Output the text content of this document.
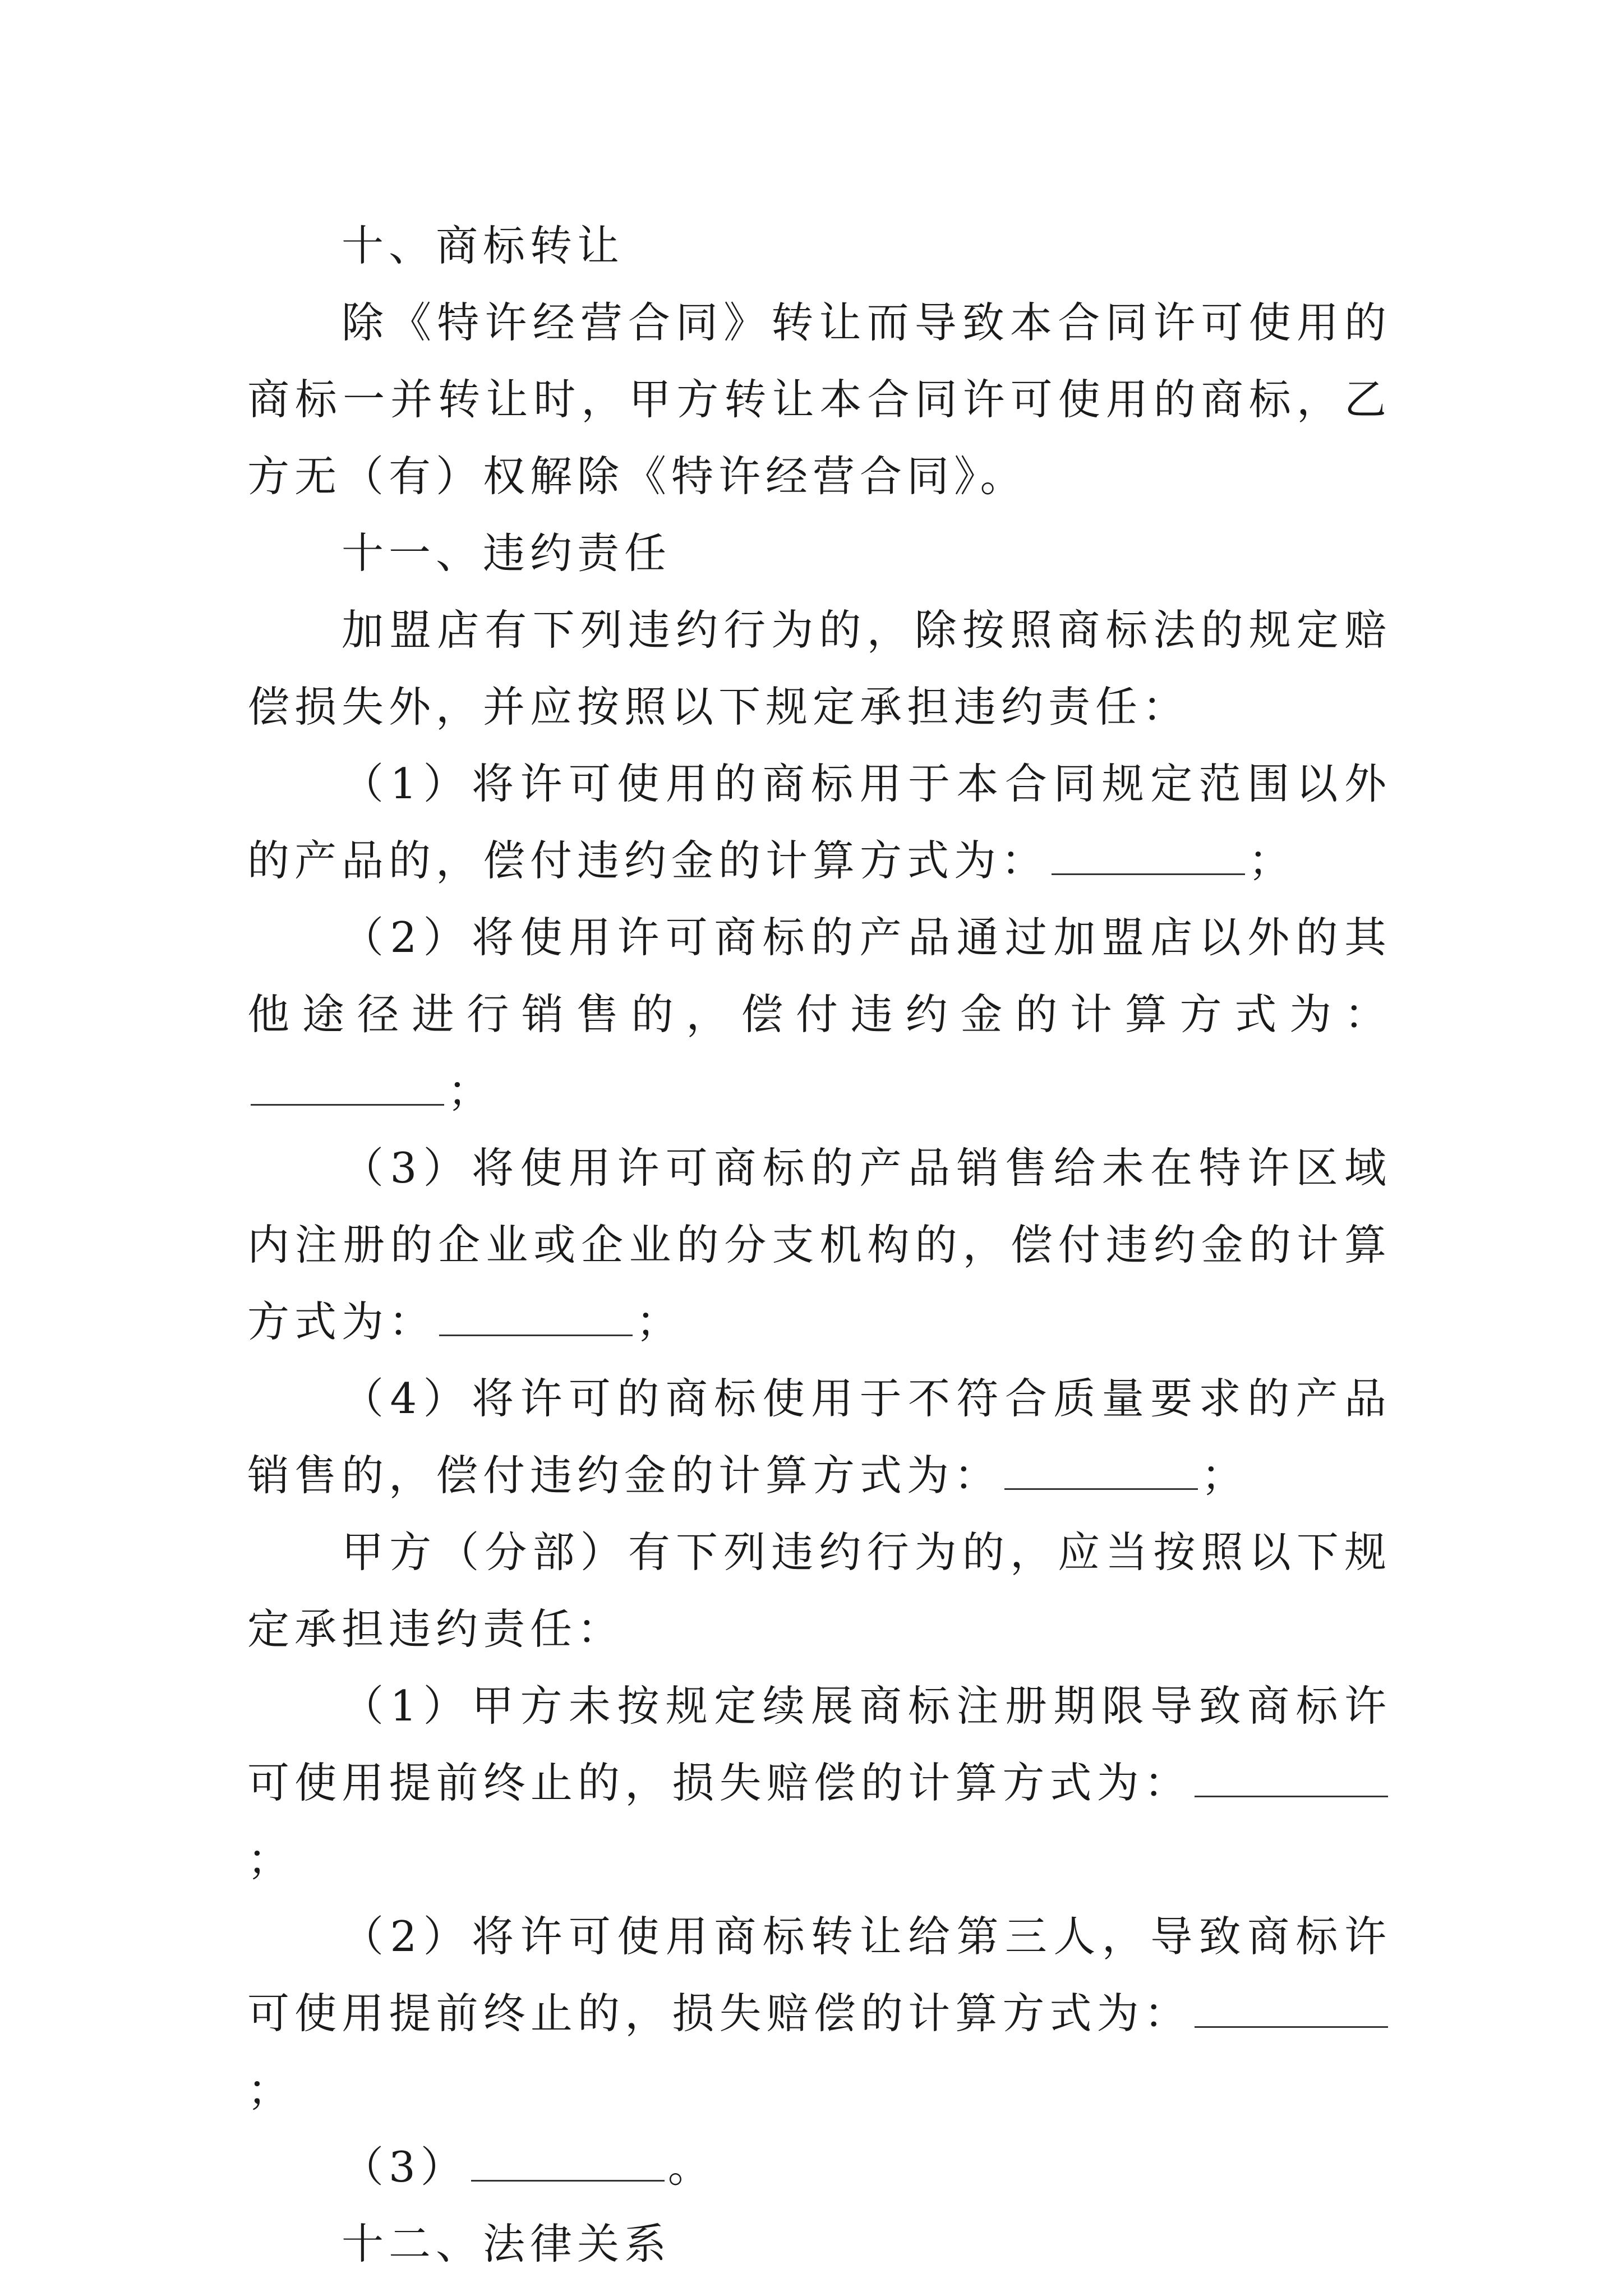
十、商标转让

除《特许经营合同》转让而导致本合同许可使用的商标一并转让时，甲方转让本合同许可使用的商标，乙方无（有）权解除《特许经营合同》。

十一、违约责任

加盟店有下列违约行为的，除按照商标法的规定赔偿损失外，并应按照以下规定承担违约责任：

（1）将许可使用的商标用于本合同规定范围以外的产品的，偿付违约金的计算方式为：	；

（2）将使用许可商标的产品通过加盟店以外的其他途径进行销售的，偿付违约金的计算方式为：；

（3）将使用许可商标的产品销售给未在特许区域内注册的企业或企业的分支机构的，偿付违约金的计算方式为：	；

（4）将许可的商标使用于不符合质量要求的产品销售的，偿付违约金的计算方式为：	；

甲方（分部）有下列违约行为的，应当按照以下规定承担违约责任：

（1）甲方未按规定续展商标注册期限导致商标许可使用提前终止的，损失赔偿的计算方式为：；

（2）将许可使用商标转让给第三人，导致商标许可使用提前终止的，损失赔偿的计算方式为：；

（3）	。

十二、法律关系
